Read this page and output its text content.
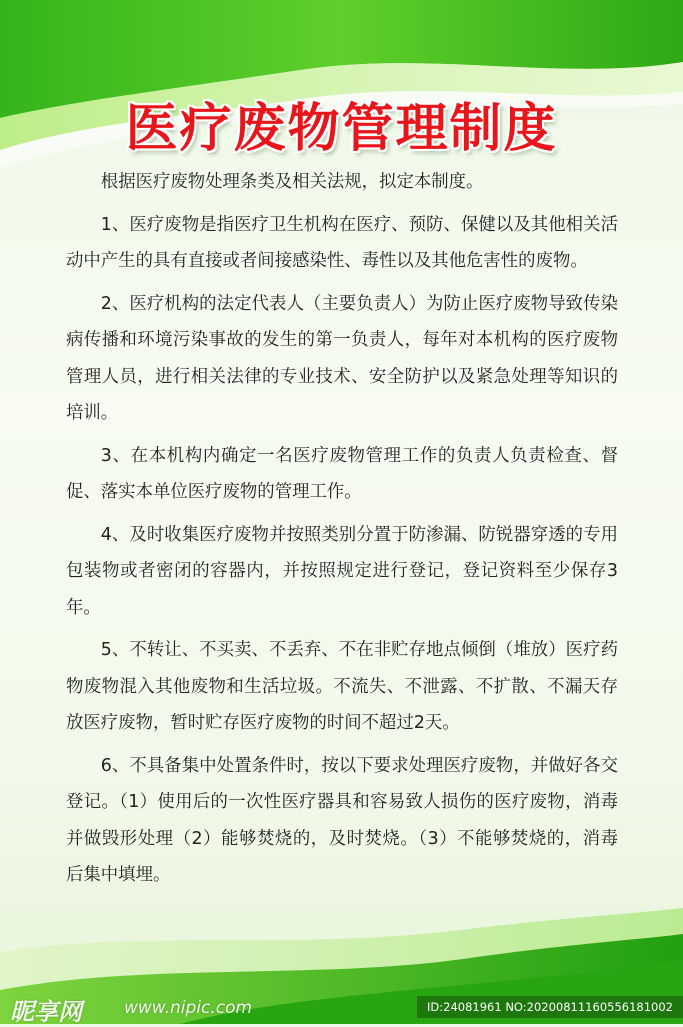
医疗废物管理制度

根据医疗废物处理条类及相关法规，拟定本制度。

1、医疗废物是指医疗卫生机构在医疗、预防、保健以及其他相关活动中产生的具有直接或者间接感染性、毒性以及其他危害性的废物。

2、医疗机构的法定代表人（主要负责人）为防止医疗废物导致传染病传播和环境污染事故的发生的第一负责人，每年对本机构的医疗废物管理人员，进行相关法律的专业技术、安全防护以及紧急处理等知识的培训。

3、在本机构内确定一名医疗废物管理工作的负责人负责检查、督促、落实本单位医疗废物的管理工作。

4、及时收集医疗废物并按照类别分置于防渗漏、防锐器穿透的专用包装物或者密闭的容器内，并按照规定进行登记，登记资料至少保存3年。

5、不转让、不买卖、不丢弃、不在非贮存地点倾倒（堆放）医疗药物废物混入其他废物和生活垃圾。不流失、不泄露、不扩散、不漏天存放医疗废物，暂时贮存医疗废物的时间不超过2天。

6、不具备集中处置条件时，按以下要求处理医疗废物，并做好各交登记。（1）使用后的一次性医疗器具和容易致人损伤的医疗废物，消毒并做毁形处理（2）能够焚烧的，及时焚烧。（3）不能够焚烧的，消毒后集中填埋。

昵享网 www.nipic.com	ID:24081961 NO:20200811160556181002
